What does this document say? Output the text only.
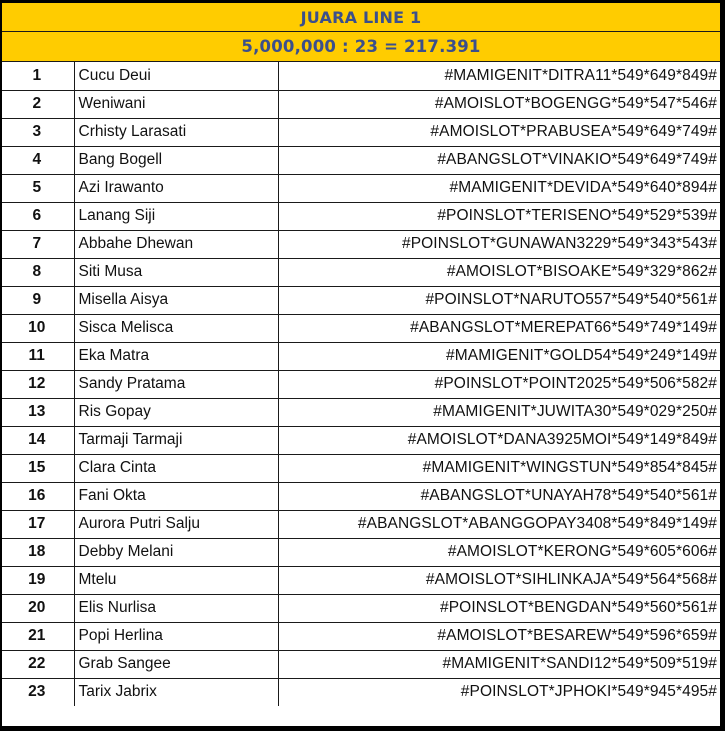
JUARA LINE 1
5,000,000 : 23 = 217.391
1	Cucu Deui	#MAMIGENIT*DITRA11*549*649*849#
2	Weniwani	#AMOISLOT*BOGENGG*549*547*546#
3	Crhisty Larasati	#AMOISLOT*PRABUSEA*549*649*749#
4	Bang Bogell	#ABANGSLOT*VINAKIO*549*649*749#
5	Azi Irawanto	#MAMIGENIT*DEVIDA*549*640*894#
6	Lanang Siji	#POINSLOT*TERISENO*549*529*539#
7	Abbahe Dhewan	#POINSLOT*GUNAWAN3229*549*343*543#
8	Siti Musa	#AMOISLOT*BISOAKE*549*329*862#
9	Misella Aisya	#POINSLOT*NARUTO557*549*540*561#
10	Sisca Melisca	#ABANGSLOT*MEREPAT66*549*749*149#
11	Eka Matra	#MAMIGENIT*GOLD54*549*249*149#
12	Sandy Pratama	#POINSLOT*POINT2025*549*506*582#
13	Ris Gopay	#MAMIGENIT*JUWITA30*549*029*250#
14	Tarmaji Tarmaji	#AMOISLOT*DANA3925MOI*549*149*849#
15	Clara Cinta	#MAMIGENIT*WINGSTUN*549*854*845#
16	Fani Okta	#ABANGSLOT*UNAYAH78*549*540*561#
17	Aurora Putri Salju	#ABANGSLOT*ABANGGOPAY3408*549*849*149#
18	Debby Melani	#AMOISLOT*KERONG*549*605*606#
19	Mtelu	#AMOISLOT*SIHLINKAJA*549*564*568#
20	Elis Nurlisa	#POINSLOT*BENGDAN*549*560*561#
21	Popi Herlina	#AMOISLOT*BESAREW*549*596*659#
22	Grab Sangee	#MAMIGENIT*SANDI12*549*509*519#
23	Tarix Jabrix	#POINSLOT*JPHOKI*549*945*495#
